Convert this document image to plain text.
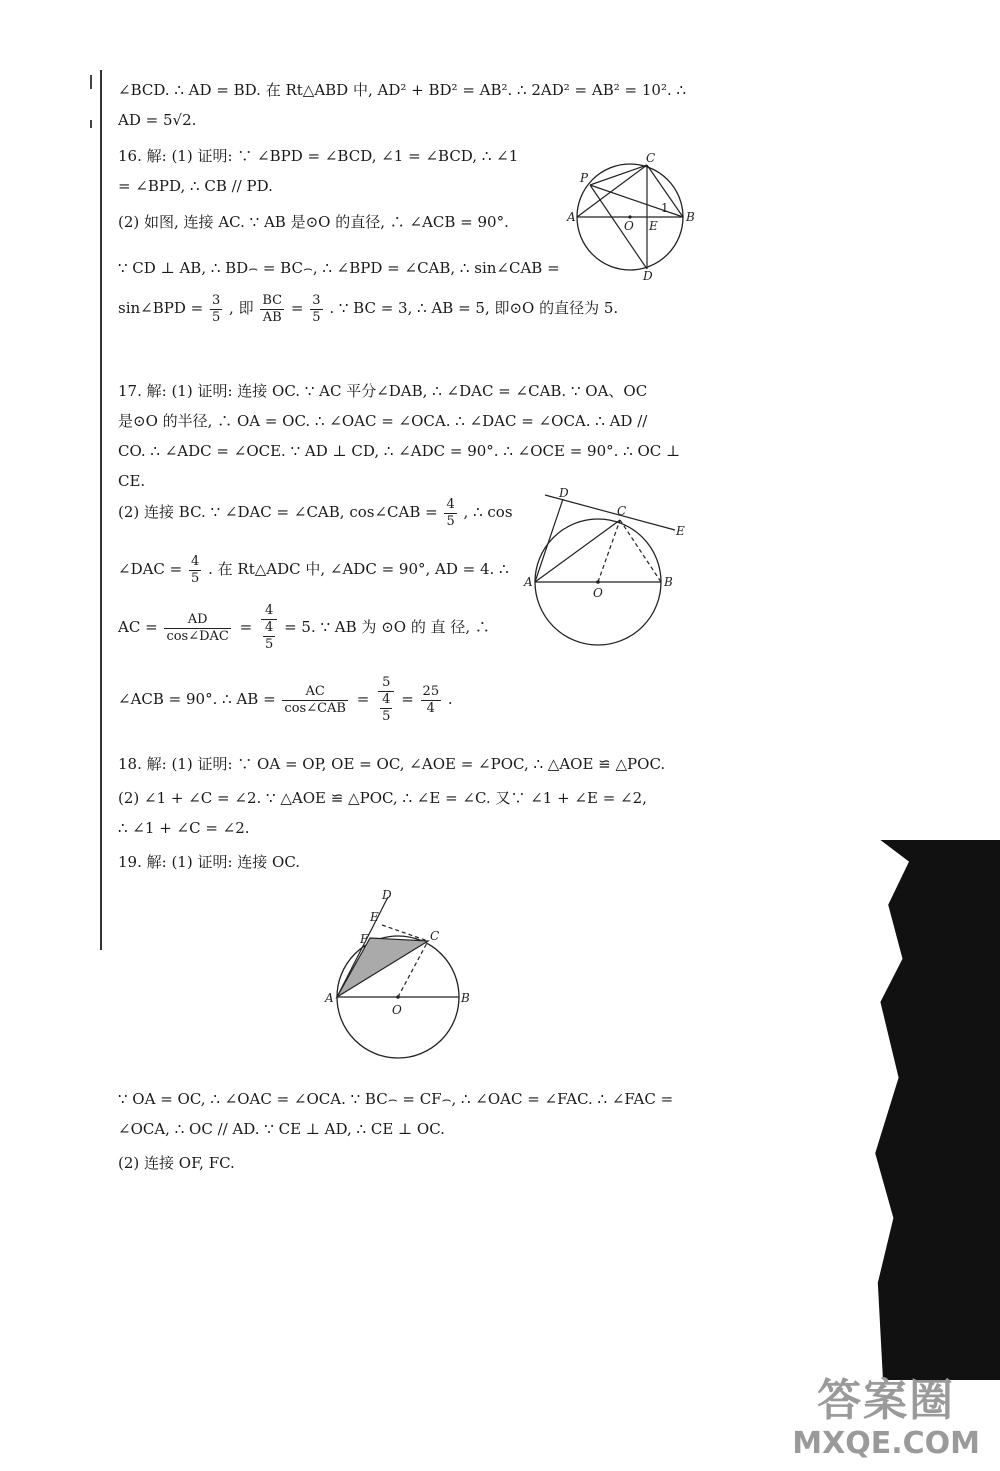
∠BCD. ∴ AD = BD. 在 Rt△ABD 中, AD² + BD² = AB². ∴ 2AD² = AB² = 10². ∴
AD = 5√2.
16. 解: (1) 证明: ∵ ∠BPD = ∠BCD, ∠1 = ∠BCD, ∴ ∠1
= ∠BPD, ∴ CB // PD.
(2) 如图, 连接 AC. ∵ AB 是⊙O 的直径, ∴ ∠ACB = 90°.
∵ CD ⊥ AB, ∴ BD⌢ = BC⌢, ∴ ∠BPD = ∠CAB, ∴ sin∠CAB =
sin∠BPD = $\frac{3}{5}$ , 即 $\frac{BC}{AB} = \frac{3}{5}$ . ∵ BC = 3, ∴ AB = 5, 即⊙O 的直径为 5.
C
P
A
O E
1
B
D
17. 解: (1) 证明: 连接 OC. ∵ AC 平分∠DAB, ∴ ∠DAC = ∠CAB. ∵ OA、OC
是⊙O 的半径, ∴ OA = OC. ∴ ∠OAC = ∠OCA. ∴ ∠DAC = ∠OCA. ∴ AD //
CO. ∴ ∠ADC = ∠OCE. ∵ AD ⊥ CD, ∴ ∠ADC = 90°. ∴ ∠OCE = 90°. ∴ OC ⊥
CE.
(2) 连接 BC. ∵ ∠DAC = ∠CAB, cos∠CAB = $\frac{4}{5}$ , ∴ cos
∠DAC = $\frac{4}{5}$ . 在 Rt△ADC 中, ∠ADC = 90°, AD = 4. ∴
AC = $\frac{AD}{\text{cos∠DAC}} = \frac{4}{\frac{4}{5}} = 5$. ∵ AB 为 ⊙O 的 直 径, ∴
D
C
E
A
O
B
∠ACB = 90°. ∴ AB = $\frac{AC}{\text{cos∠CAB}} = \frac{5}{\frac{4}{5}} = \frac{25}{4}$ .
18. 解: (1) 证明: ∵ OA = OP, OE = OC, ∠AOE = ∠POC, ∴ △AOE ≌ △POC.
(2) ∠1 + ∠C = ∠2. ∵ △AOE ≌ △POC, ∴ ∠E = ∠C. 又∵ ∠1 + ∠E = ∠2,
∴ ∠1 + ∠C = ∠2.
19. 解: (1) 证明: 连接 OC.
D
E
F	C
A
O
B
∵ OA = OC, ∴ ∠OAC = ∠OCA. ∵ BC⌢ = CF⌢, ∴ ∠OAC = ∠FAC. ∴ ∠FAC =
∠OCA, ∴ OC // AD. ∵ CE ⊥ AD, ∴ CE ⊥ OC.
(2) 连接 OF, FC.
答案圈
MXQE.COM
